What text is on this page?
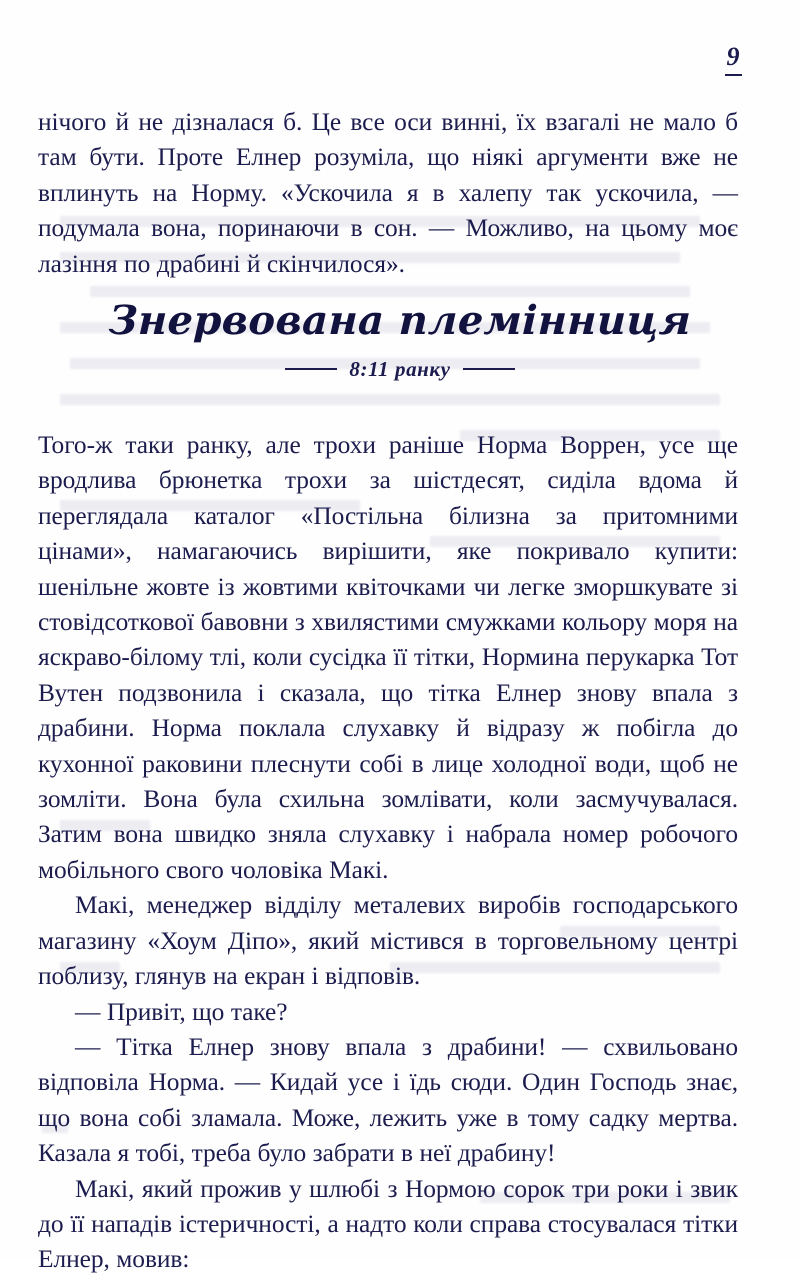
9

нічого й не дізналася б. Це все оси винні, їх взагалі не мало б там бути. Проте Елнер розуміла, що ніякі аргументи вже не вплинуть на Норму. «Ускочила я в халепу так ускочила, — подумала вона, поринаючи в сон. — Можливо, на цьому моє лазіння по драбині й скінчилося».

Знервована племінниця
8:11 ранку

Того-ж таки ранку, але трохи раніше Норма Воррен, усе ще вродлива брюнетка трохи за шістдесят, сиділа вдома й переглядала каталог «Постільна білизна за притомними цінами», намагаючись вирішити, яке покривало купити: шенільне жовте із жовтими квіточками чи легке зморшкувате зі стовідсоткової бавовни з хвилястими смужками кольору моря на яскраво-білому тлі, коли сусідка її тітки, Нормина перукарка Тот Вутен подзвонила і сказала, що тітка Елнер знову впала з драбини. Норма поклала слухавку й відразу ж побігла до кухонної раковини плеснути собі в лице холодної води, щоб не зомліти. Вона була схильна зомлівати, коли засмучувалася. Затим вона швидко зняла слухавку і набрала номер робочого мобільного свого чоловіка Макі.

Макі, менеджер відділу металевих виробів господарського магазину «Хоум Діпо», який містився в торговельному центрі поблизу, глянув на екран і відповів.

— Привіт, що таке?

— Тітка Елнер знову впала з драбини! — схвильовано відповіла Норма. — Кидай усе і їдь сюди. Один Господь знає, що вона собі зламала. Може, лежить уже в тому садку мертва. Казала я тобі, треба було забрати в неї драбину!

Макі, який прожив у шлюбі з Нормою сорок три роки і звик до її нападів істеричності, а надто коли справа стосувалася тітки Елнер, мовив:
